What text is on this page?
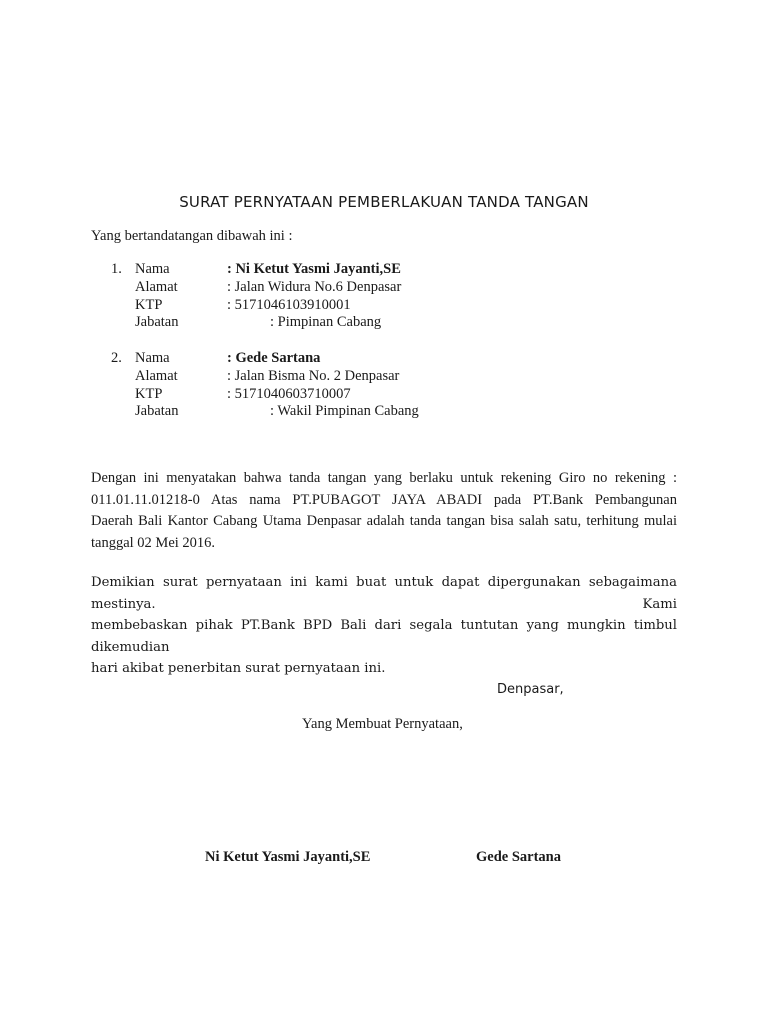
SURAT PERNYATAAN PEMBERLAKUAN TANDA TANGAN
Yang bertandatangan dibawah ini :
1. Nama	: Ni Ketut Yasmi Jayanti,SE
Alamat	: Jalan Widura No.6 Denpasar
KTP	: 5171046103910001
Jabatan	: Pimpinan Cabang
2. Nama	: Gede Sartana
Alamat	: Jalan Bisma No. 2 Denpasar
KTP	: 5171040603710007
Jabatan	: Wakil Pimpinan Cabang
Dengan ini menyatakan bahwa tanda tangan yang berlaku untuk rekening Giro no rekening :
011.01.11.01218-0 Atas nama PT.PUBAGOT JAYA ABADI pada PT.Bank Pembangunan
Daerah Bali Kantor Cabang Utama Denpasar adalah tanda tangan bisa salah satu, terhitung mulai
tanggal 02 Mei 2016.
Demikian surat pernyataan ini kami buat untuk dapat dipergunakan sebagaimana mestinya. Kami
membebaskan pihak PT.Bank BPD Bali dari segala tuntutan yang mungkin timbul dikemudian
hari akibat penerbitan surat pernyataan ini.
Denpasar,
Yang Membuat Pernyataan,
Ni Ketut Yasmi Jayanti,SE	Gede Sartana
